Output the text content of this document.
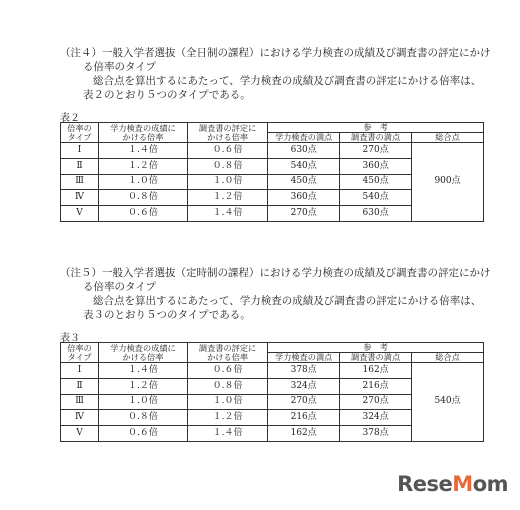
（注４）一般入学者選抜（全日制の課程）における学力検査の成績及び調査書の評定にかけ
る倍率のタイプ
総合点を算出するにあたって、学力検査の成績及び調査書の評定にかける倍率は、
表２のとおり５つのタイプである。
表２
倍率の
タイプ	学力検査の成績に
かける倍率	調査書の評定に
かける倍率	参　考		
			学力検査の満点	調査書の満点	総合点
Ⅰ	１.４倍	０.６倍	630点	270点	900点
Ⅱ	１.２倍	０.８倍	540点	360点	
Ⅲ	１.０倍	１.０倍	450点	450点	
Ⅳ	０.８倍	１.２倍	360点	540点	
Ⅴ	０.６倍	１.４倍	270点	630点	
（注５）一般入学者選抜（定時制の課程）における学力検査の成績及び調査書の評定にかけ
る倍率のタイプ
総合点を算出するにあたって、学力検査の成績及び調査書の評定にかける倍率は、
表３のとおり５つのタイプである。
表３
倍率の
タイプ	学力検査の成績に
かける倍率	調査書の評定に
かける倍率	参　考		
			学力検査の満点	調査書の満点	総合点
Ⅰ	１.４倍	０.６倍	378点	162点	540点
Ⅱ	１.２倍	０.８倍	324点	216点	
Ⅲ	１.０倍	１.０倍	270点	270点	
Ⅳ	０.８倍	１.２倍	216点	324点	
Ⅴ	０.６倍	１.４倍	162点	378点	
ReseMom
